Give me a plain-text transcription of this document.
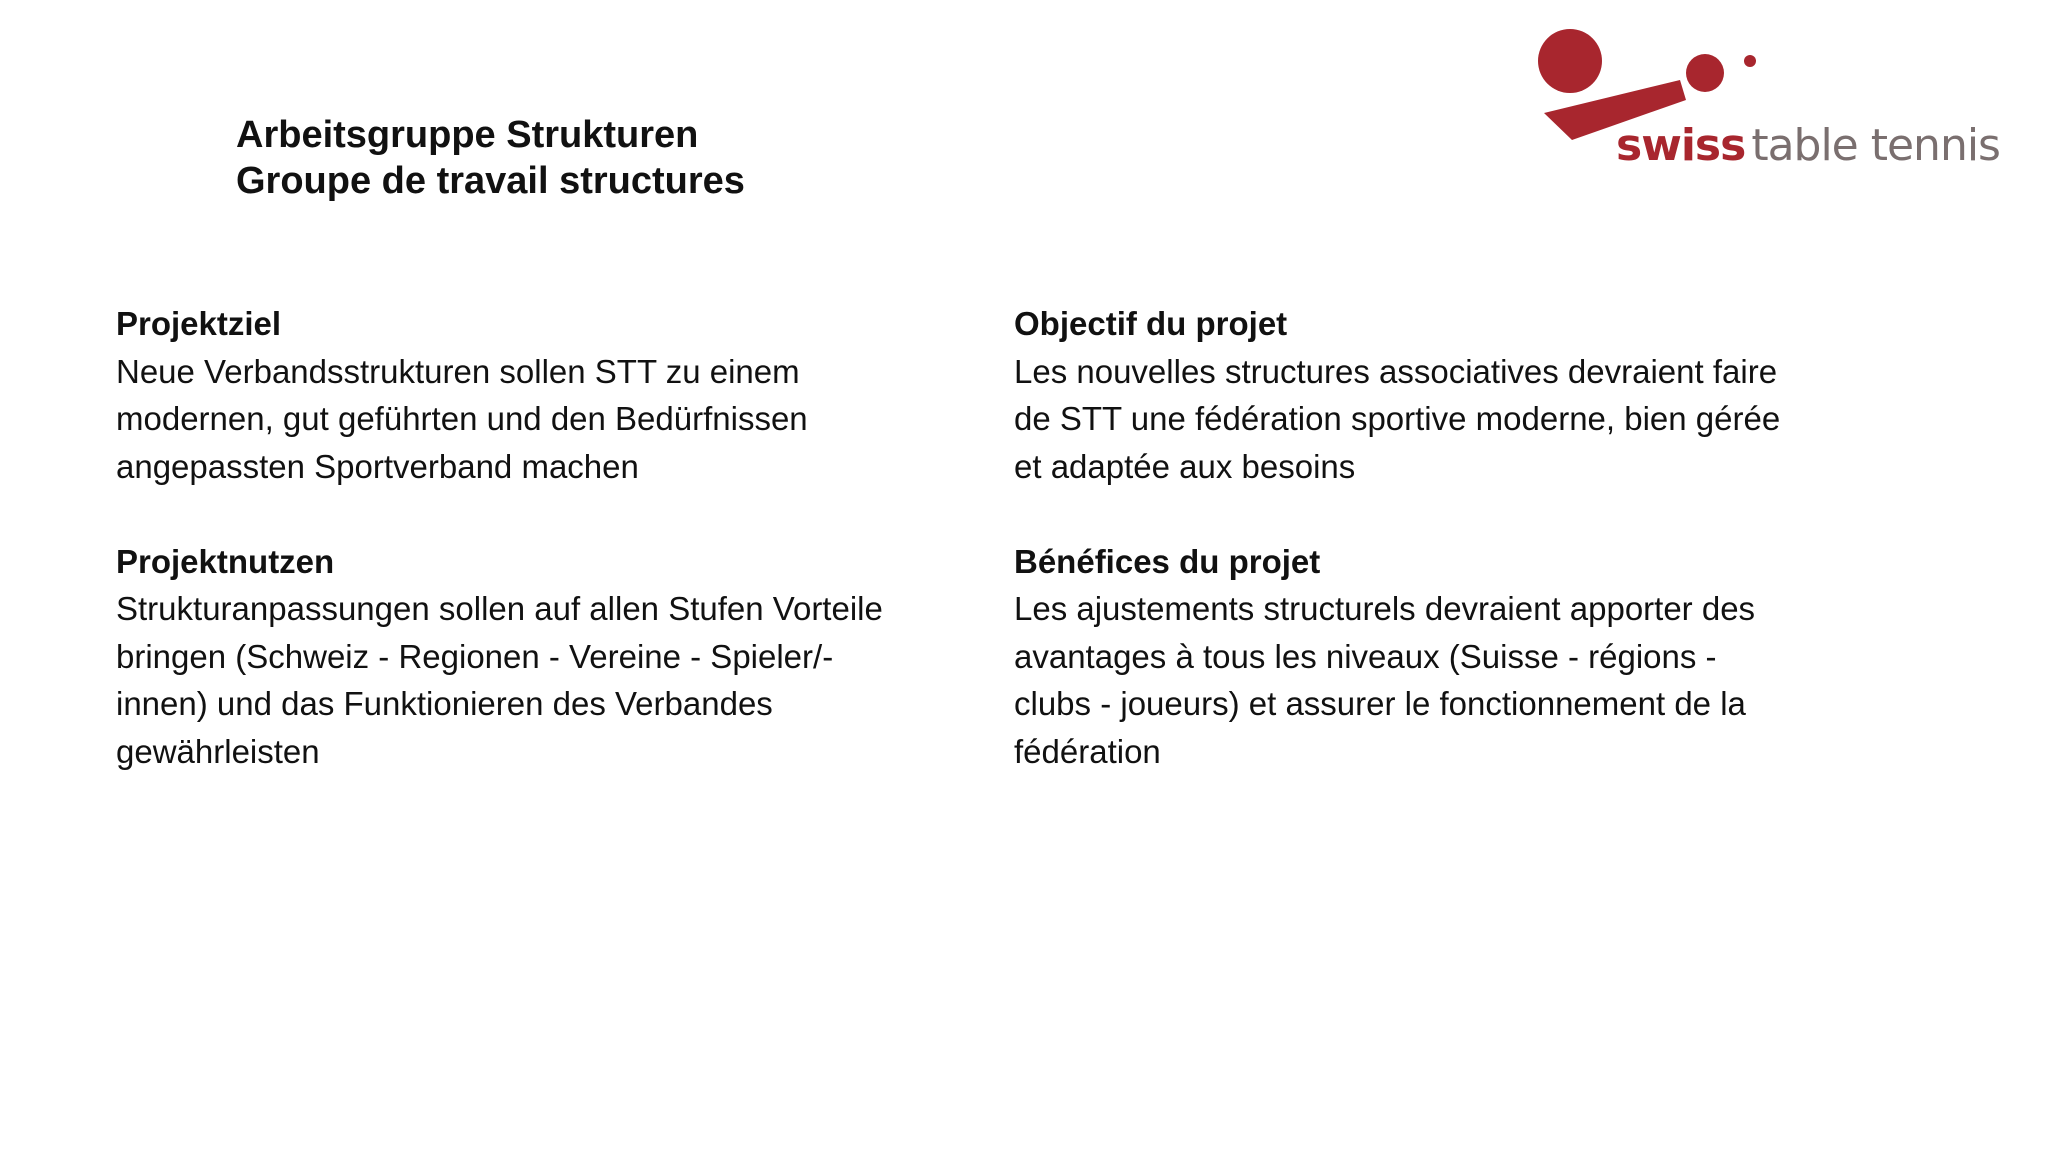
Arbeitsgruppe Strukturen
Groupe de travail structures
swiss table tennis
Projektziel
Neue Verbandsstrukturen sollen STT zu einem
modernen, gut geführten und den Bedürfnissen
angepassten Sportverband machen
Projektnutzen
Strukturanpassungen sollen auf allen Stufen Vorteile
bringen (Schweiz - Regionen - Vereine - Spieler/-
innen) und das Funktionieren des Verbandes
gewährleisten
Objectif du projet
Les nouvelles structures associatives devraient faire
de STT une fédération sportive moderne, bien gérée
et adaptée aux besoins
Bénéfices du projet
Les ajustements structurels devraient apporter des
avantages à tous les niveaux (Suisse - régions -
clubs - joueurs) et assurer le fonctionnement de la
fédération
